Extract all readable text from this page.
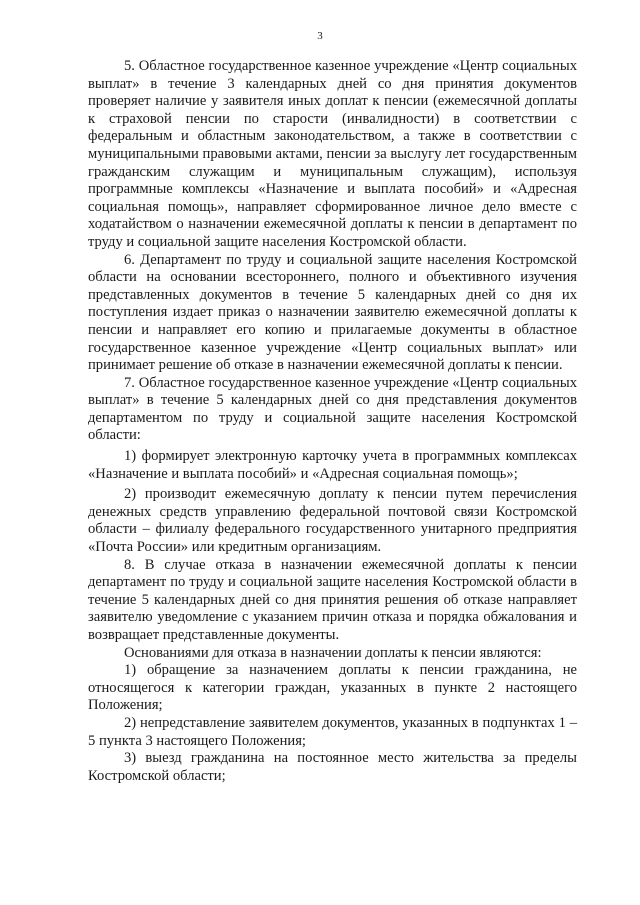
3

5. Областное государственное казенное учреждение «Центр социальных выплат» в течение 3 календарных дней со дня принятия документов проверяет наличие у заявителя иных доплат к пенсии (ежемесячной доплаты к страховой пенсии по старости (инвалидности) в соответствии с федеральным и областным законодательством, а также в соответствии с муниципальными правовыми актами, пенсии за выслугу лет государственным гражданским служащим и муниципальным служащим), используя программные комплексы «Назначение и выплата пособий» и «Адресная социальная помощь», направляет сформированное личное дело вместе с ходатайством о назначении ежемесячной доплаты к пенсии в департамент по труду и социальной защите населения Костромской области.

6. Департамент по труду и социальной защите населения Костромской области на основании всестороннего, полного и объективного изучения представленных документов в течение 5 календарных дней со дня их поступления издает приказ о назначении заявителю ежемесячной доплаты к пенсии и направляет его копию и прилагаемые документы в областное государственное казенное учреждение «Центр социальных выплат» или принимает решение об отказе в назначении ежемесячной доплаты к пенсии.

7. Областное государственное казенное учреждение «Центр социальных выплат» в течение 5 календарных дней со дня представления документов департаментом по труду и социальной защите населения Костромской области:

1) формирует электронную карточку учета в программных комплексах «Назначение и выплата пособий» и «Адресная социальная помощь»;

2) производит ежемесячную доплату к пенсии путем перечисления денежных средств управлению федеральной почтовой связи Костромской области – филиалу федерального государственного унитарного предприятия «Почта России» или кредитным организациям.

8. В случае отказа в назначении ежемесячной доплаты к пенсии департамент по труду и социальной защите населения Костромской области в течение 5 календарных дней со дня принятия решения об отказе направляет заявителю уведомление с указанием причин отказа и порядка обжалования и возвращает представленные документы.

Основаниями для отказа в назначении доплаты к пенсии являются:

1) обращение за назначением доплаты к пенсии гражданина, не относящегося к категории граждан, указанных в пункте 2 настоящего Положения;

2) непредставление заявителем документов, указанных в подпунктах 1 – 5 пункта 3 настоящего Положения;

3) выезд гражданина на постоянное место жительства за пределы Костромской области;
